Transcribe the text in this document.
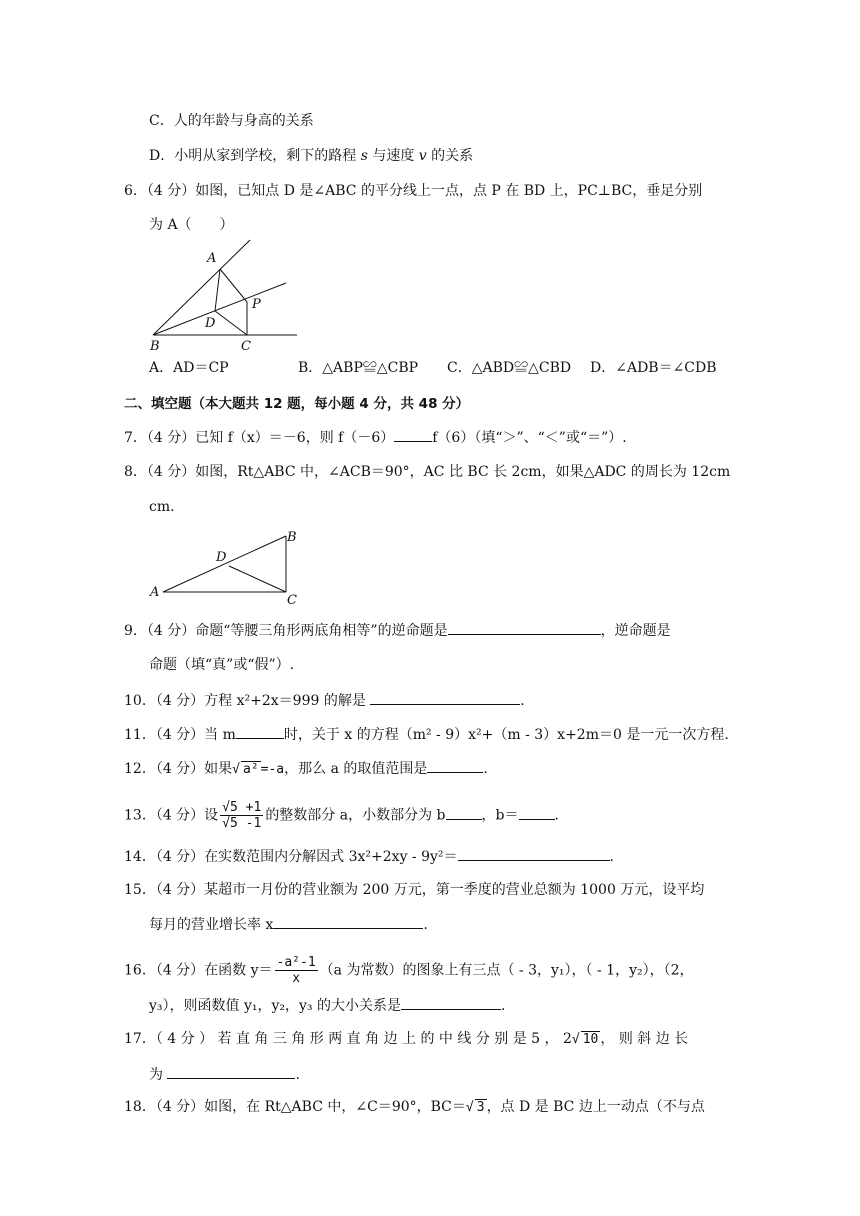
C．人的年龄与身高的关系
D．小明从家到学校，剩下的路程 s 与速度 v 的关系
6．（4 分）如图，已知点 D 是∠ABC 的平分线上一点，点 P 在 BD 上，PC⊥BC，垂足分别
为 A（　　）
A
D
P
B	C
A．AD＝CP	B．△ABP≌△CBP C．△ABD≌△CBD D．∠ADB＝∠CDB
二、填空题（本大题共 12 题，每小题 4 分，共 48 分）
7．（4 分）已知 f（x）＝－6，则 f（－6）	f（6）（填“＞”、“＜”或“＝”）.
8．（4 分）如图，Rt△ABC 中，∠ACB＝90°，AC 比 BC 长 2cm，如果△ADC 的周长为 12cm
cm.
A
D
B
C
9．（4 分）命题“等腰三角形两底角相等”的逆命题是	，逆命题是
命题（填“真”或“假”）.
10．（4 分）方程 x²+2x＝999 的解是	.
11．（4 分）当 m	时，关于 x 的方程（m² - 9）x²+（m - 3）x+2m＝0 是一元一次方程.
12．（4 分）如果√ a² =-a，那么 a 的取值范围是	.
13．（4 分）设 $\frac{√5 +1}{√5 -1}$ 的整数部分 a，小数部分为 b	，b＝	.
14．（4 分）在实数范围内分解因式 3x²+2xy - 9y²＝	.
15．（4 分）某超市一月份的营业额为 200 万元，第一季度的营业总额为 1000 万元，设平均
每月的营业增长率 x	.
16．（4 分）在函数 $y= \frac{\text{-a²-1}}{x} (a$ 为常数）的图象上有三点（ - 3，y₁），（ - 1，y₂），（2，
y₃），则函数值 y₁，y₂，y₃ 的大小关系是	.
17．（ 4 分 ） 若 直 角 三 角 形 两 直 角 边 上 的 中 线 分 别 是 5 ， 2√ 10 ， 则 斜 边 长
为	.
18．（4 分）如图，在 Rt△ABC 中，∠C＝90°，BC＝√ 3 ，点 D 是 BC 边上一动点（不与点
